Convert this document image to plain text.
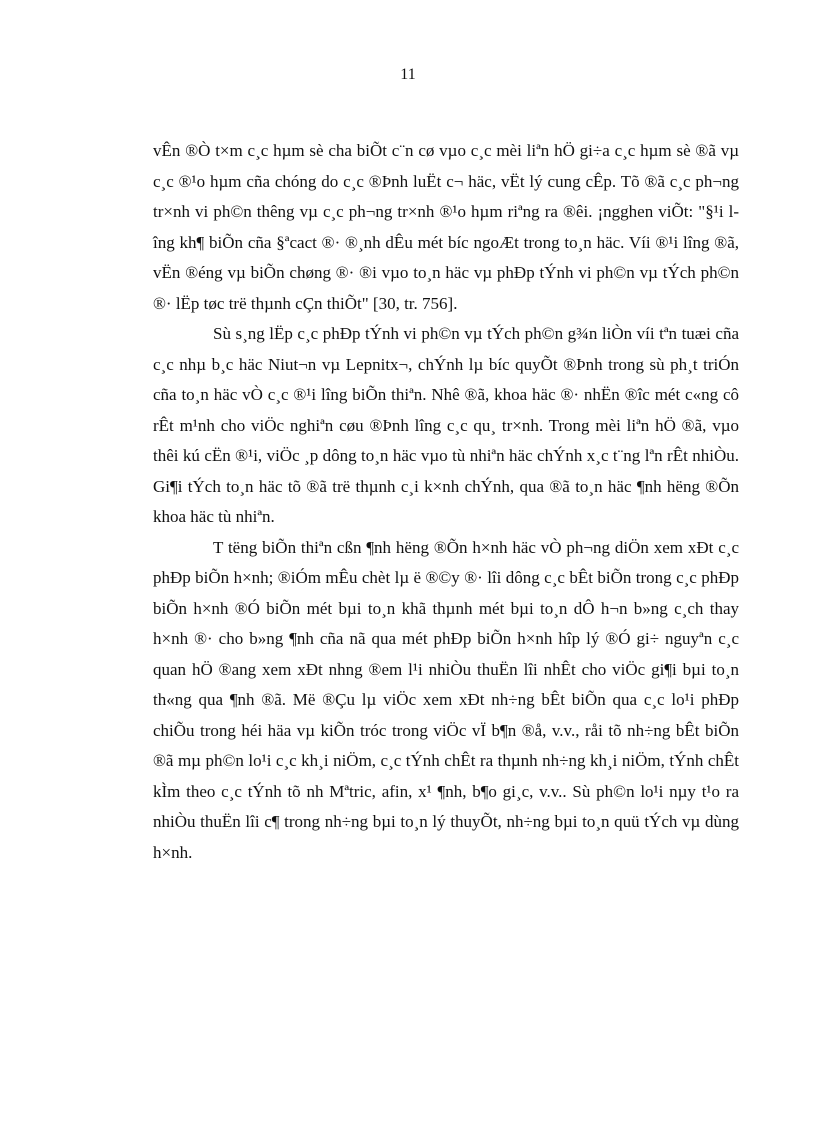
11

vÊn ®Ò t×m c¸c hµm sè cha biÕt c¨n cø vµo c¸c mèi liªn hÖ gi÷a c¸c hµm sè ®ã vµ c¸c ®¹o hµm cña chóng do c¸c ®Þnh luËt c¬ häc, vËt lý cung cÊp. Tõ ®ã c¸c ph¬ng tr×nh vi ph©n thêng vµ c¸c ph¬ng tr×nh ®¹o hµm riªng ra ®êi. ¡ngghen viÕt: "§¹i lîng kh¶ biÕn cña §ªcact ®· ®¸nh dÊu mét bíc ngoÆt trong to¸n häc. Víi ®¹i lîng ®ã, vËn ®éng vµ biÕn chøng ®· ®i vµo to¸n häc vµ phÐp tÝnh vi ph©n vµ tÝch ph©n ®· lËp tøc trë thµnh cÇn thiÕt" [30, tr. 756].

Sù s¸ng lËp c¸c phÐp tÝnh vi ph©n vµ tÝch ph©n g¾n liÒn víi tªn tuæi cña c¸c nhµ b¸c häc Niut¬n vµ Lepnitx¬, chÝnh lµ bíc quyÕt ®Þnh trong sù ph¸t triÓn cña to¸n häc vÒ c¸c ®¹i lîng biÕn thiªn. Nhê ®ã, khoa häc ®· nhËn ®îc mét c«ng cô rÊt m¹nh cho viÖc nghiªn cøu ®Þnh lîng c¸c qu¸ tr×nh. Trong mèi liªn hÖ ®ã, vµo thêi kú cËn ®¹i, viÖc ¸p dông to¸n häc vµo tù nhiªn häc chÝnh x¸c t¨ng lªn rÊt nhiÒu. Gi¶i tÝch to¸n häc tõ ®ã trë thµnh c¸i k×nh chÝnh, qua ®ã to¸n häc ¶nh hëng ®Õn khoa häc tù nhiªn.

T tëng biÕn thiªn cßn ¶nh hëng ®Õn h×nh häc vÒ ph¬ng diÖn xem xÐt c¸c phÐp biÕn h×nh; ®iÓm mÊu chèt lµ ë ®©y ®· lîi dông c¸c bÊt biÕn trong c¸c phÐp biÕn h×nh ®Ó biÕn mét bµi to¸n khã thµnh mét bµi to¸n dÔ h¬n b»ng c¸ch thay h×nh ®· cho b»ng ¶nh cña nã qua mét phÐp biÕn h×nh hîp lý ®Ó gi÷ nguyªn c¸c quan hÖ ®ang xem xÐt nhng ®em l¹i nhiÒu thuËn lîi nhÊt cho viÖc gi¶i bµi to¸n th«ng qua ¶nh ®ã. Më ®Çu lµ viÖc xem xÐt nh÷ng bÊt biÕn qua c¸c lo¹i phÐp chiÕu trong héi häa vµ kiÕn tróc trong viÖc vÏ b¶n ®å, v.v., råi tõ nh÷ng bÊt biÕn ®ã mµ ph©n lo¹i c¸c kh¸i niÖm, c¸c tÝnh chÊt ra thµnh nh÷ng kh¸i niÖm, tÝnh chÊt kÌm theo c¸c tÝnh tõ nh Mªtric, afin, x¹ ¶nh, b¶o gi¸c, v.v.. Sù ph©n lo¹i nµy t¹o ra nhiÒu thuËn lîi c¶ trong nh÷ng bµi to¸n lý thuyÕt, nh÷ng bµi to¸n quü tÝch vµ dùng h×nh.
